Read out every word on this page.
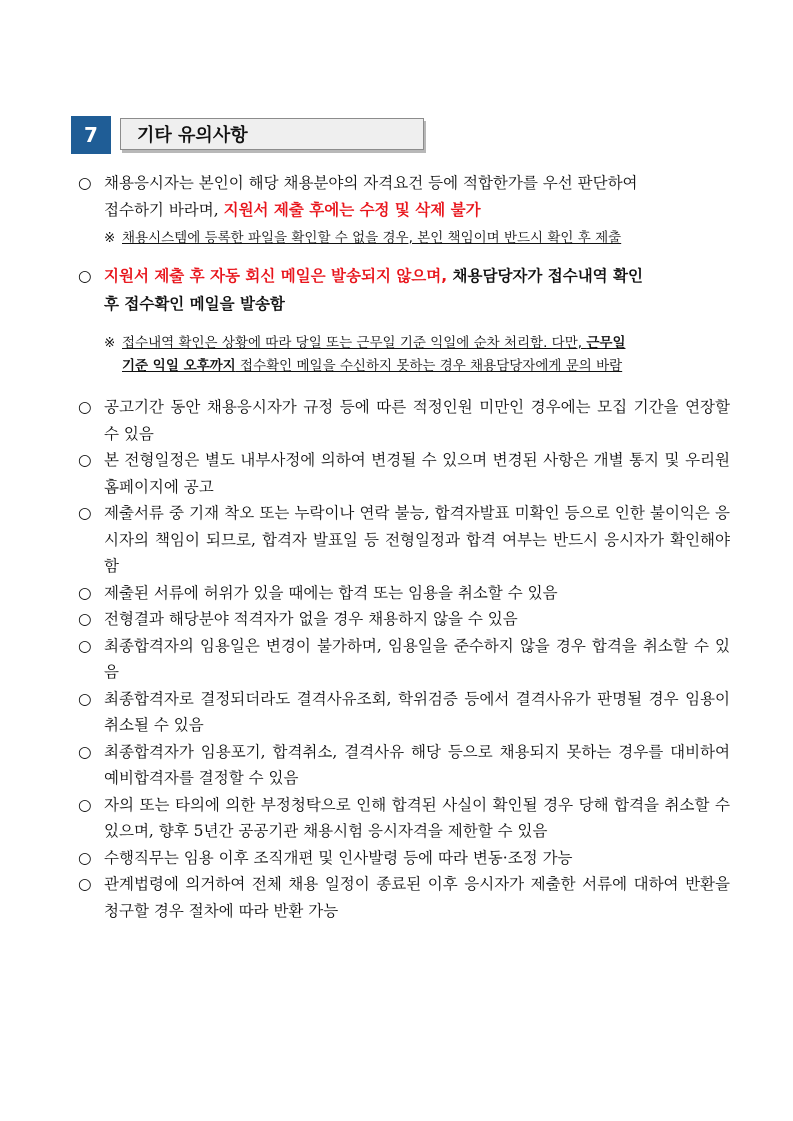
7 기타 유의사항

○ 채용응시자는 본인이 해당 채용분야의 자격요건 등에 적합한가를 우선 판단하여
접수하기 바라며, 지원서 제출 후에는 수정 및 삭제 불가

※ 채용시스템에 등록한 파일을 확인할 수 없을 경우, 본인 책임이며 반드시 확인 후 제출

○ 지원서 제출 후 자동 회신 메일은 발송되지 않으며, 채용담당자가 접수내역 확인
후 접수확인 메일을 발송함

※ 접수내역 확인은 상황에 따라 당일 또는 근무일 기준 익일에 순차 처리함. 다만, 근무일
기준 익일 오후까지 접수확인 메일을 수신하지 못하는 경우 채용담당자에게 문의 바람

○ 공고기간 동안 채용응시자가 규정 등에 따른 적정인원 미만인 경우에는 모집 기간을 연장할 수 있음

○ 본 전형일정은 별도 내부사정에 의하여 변경될 수 있으며 변경된 사항은 개별 통지 및 우리원 홈페이지에 공고

○ 제출서류 중 기재 착오 또는 누락이나 연락 불능, 합격자발표 미확인 등으로 인한 불이익은 응시자의 책임이 되므로, 합격자 발표일 등 전형일정과 합격 여부는 반드시 응시자가 확인해야 함

○ 제출된 서류에 허위가 있을 때에는 합격 또는 임용을 취소할 수 있음

○ 전형결과 해당분야 적격자가 없을 경우 채용하지 않을 수 있음

○ 최종합격자의 임용일은 변경이 불가하며, 임용일을 준수하지 않을 경우 합격을 취소할 수 있음

○ 최종합격자로 결정되더라도 결격사유조회, 학위검증 등에서 결격사유가 판명될 경우 임용이 취소될 수 있음

○ 최종합격자가 임용포기, 합격취소, 결격사유 해당 등으로 채용되지 못하는 경우를 대비하여 예비합격자를 결정할 수 있음

○ 자의 또는 타의에 의한 부정청탁으로 인해 합격된 사실이 확인될 경우 당해 합격을 취소할 수 있으며, 향후 5년간 공공기관 채용시험 응시자격을 제한할 수 있음

○ 수행직무는 임용 이후 조직개편 및 인사발령 등에 따라 변동·조정 가능

○ 관계법령에 의거하여 전체 채용 일정이 종료된 이후 응시자가 제출한 서류에 대하여 반환을 청구할 경우 절차에 따라 반환 가능
